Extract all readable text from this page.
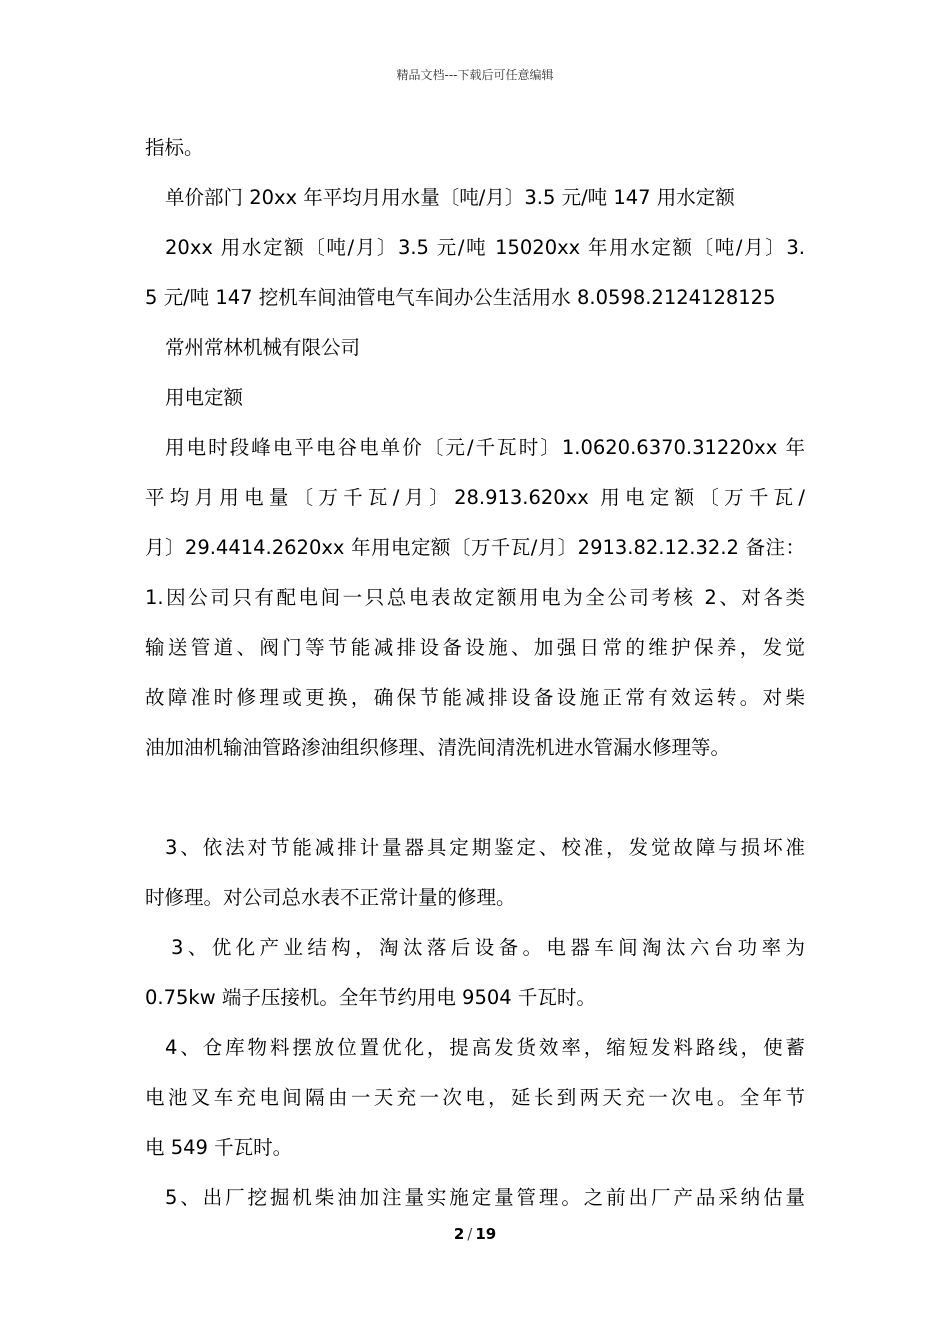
精品文档---下载后可任意编辑
指标。
单价部门 20xx 年平均月用水量〔吨/月〕3.5 元/吨 147 用水定额
20xx 用水定额〔吨/月〕3.5 元/吨 15020xx 年用水定额〔吨/月〕3.
5 元/吨 147 挖机车间油管电气车间办公生活用水 8.0598.2124128125
常州常林机械有限公司
用电定额
用电时段峰电平电谷电单价〔元/千瓦时〕1.0620.6370.31220xx 年
平均月用电量〔万千瓦/月〕28.913.620xx 用电定额〔万千瓦/
月〕29.4414.2620xx 年用电定额〔万千瓦/月〕2913.82.12.32.2 备注：
1.因公司只有配电间一只总电表故定额用电为全公司考核 2、对各类
输送管道、阀门等节能减排设备设施、加强日常的维护保养，发觉
故障准时修理或更换，确保节能减排设备设施正常有效运转。对柴
油加油机输油管路渗油组织修理、清洗间清洗机进水管漏水修理等。
3、依法对节能减排计量器具定期鉴定、校准，发觉故障与损坏准
时修理。对公司总水表不正常计量的修理。
3、优化产业结构，淘汰落后设备。电器车间淘汰六台功率为
0.75kw 端子压接机。全年节约用电 9504 千瓦时。
4、仓库物料摆放位置优化，提高发货效率，缩短发料路线，使蓄
电池叉车充电间隔由一天充一次电，延长到两天充一次电。全年节
电 549 千瓦时。
5、出厂挖掘机柴油加注量实施定量管理。之前出厂产品采纳估量
2 / 19
